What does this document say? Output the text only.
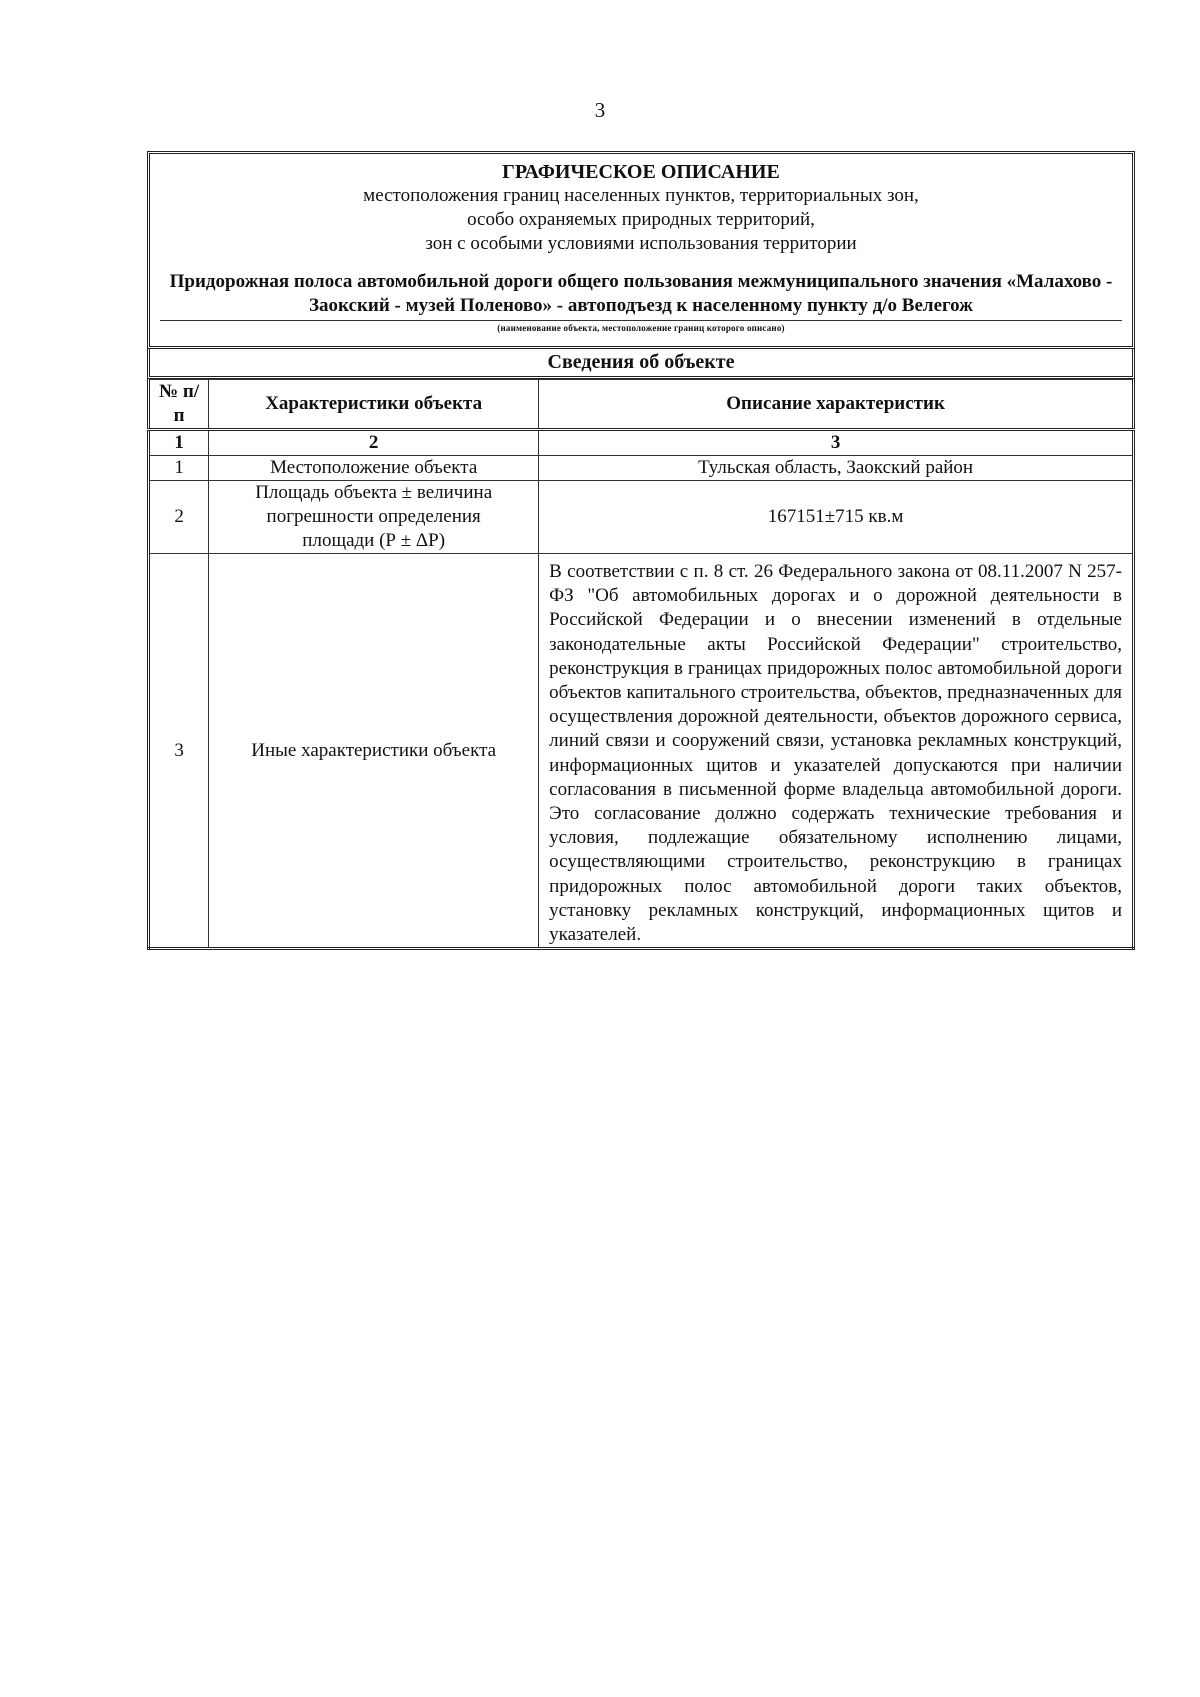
3
ГРАФИЧЕСКОЕ ОПИСАНИЕ
местоположения границ населенных пунктов, территориальных зон,
особо охраняемых природных территорий,
зон с особыми условиями использования территории
Придорожная полоса автомобильной дороги общего пользования межмуниципального значения «Малахово - Заокский - музей Поленово» - автоподъезд к населенному пункту д/о Велегож
(наименование объекта, местоположение границ которого описано)
Сведения об объекте
№ п/п	Характеристики объекта	Описание характеристик
1	2	3
1	Местоположение объекта	Тульская область, Заокский район
2	Площадь объекта ± величина погрешности определения площади (Р ± ΔР)	167151±715 кв.м
3	Иные характеристики объекта	В соответствии с п. 8 ст. 26 Федерального закона от 08.11.2007 N 257-ФЗ "Об автомобильных дорогах и о дорожной деятельности в Российской Федерации и о внесении изменений в отдельные законодательные акты Российской Федерации" строительство, реконструкция в границах придорожных полос автомобильной дороги объектов капитального строительства, объектов, предназначенных для осуществления дорожной деятельности, объектов дорожного сервиса, линий связи и сооружений связи, установка рекламных конструкций, информационных щитов и указателей допускаются при наличии согласования в письменной форме владельца автомобильной дороги. Это согласование должно содержать технические требования и условия, подлежащие обязательному исполнению лицами, осуществляющими строительство, реконструкцию в границах придорожных полос автомобильной дороги таких объектов, установку рекламных конструкций, информационных щитов и указателей.
